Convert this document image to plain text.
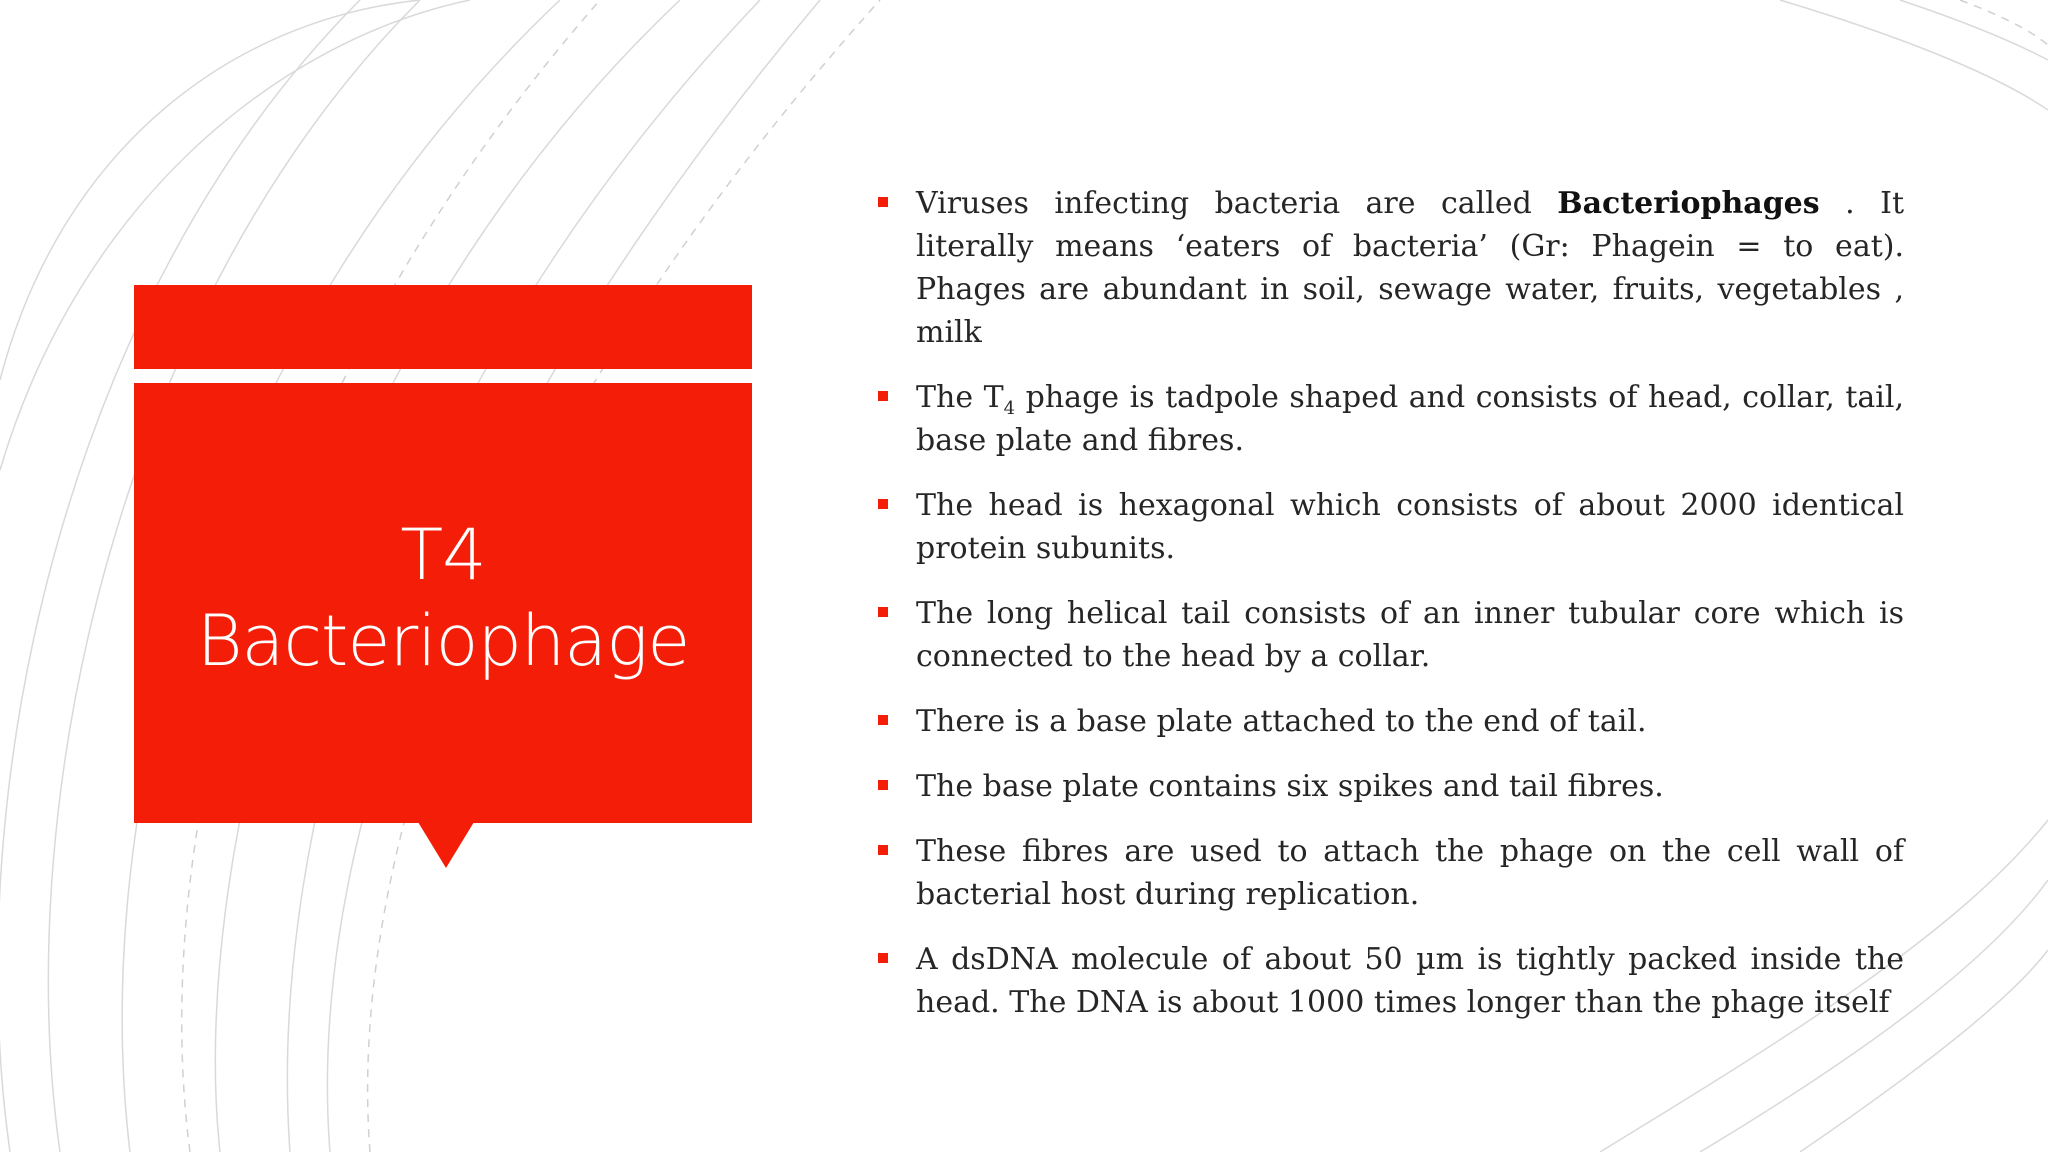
T4
Bacteriophage
Viruses infecting bacteria are called Bacteriophages . It literally means ‘eaters of bacteria’ (Gr: Phagein = to eat). Phages are abundant in soil, sewage water, fruits, vegetables , milk
The $T_4$ phage is tadpole shaped and consists of head, collar, tail, base plate and fibres.
The head is hexagonal which consists of about 2000 identical protein subunits.
The long helical tail consists of an inner tubular core which is connected to the head by a collar.
There is a base plate attached to the end of tail.
The base plate contains six spikes and tail fibres.
These fibres are used to attach the phage on the cell wall of bacterial host during replication.
A dsDNA molecule of about 50 µm is tightly packed inside the head. The DNA is about 1000 times longer than the phage itself
